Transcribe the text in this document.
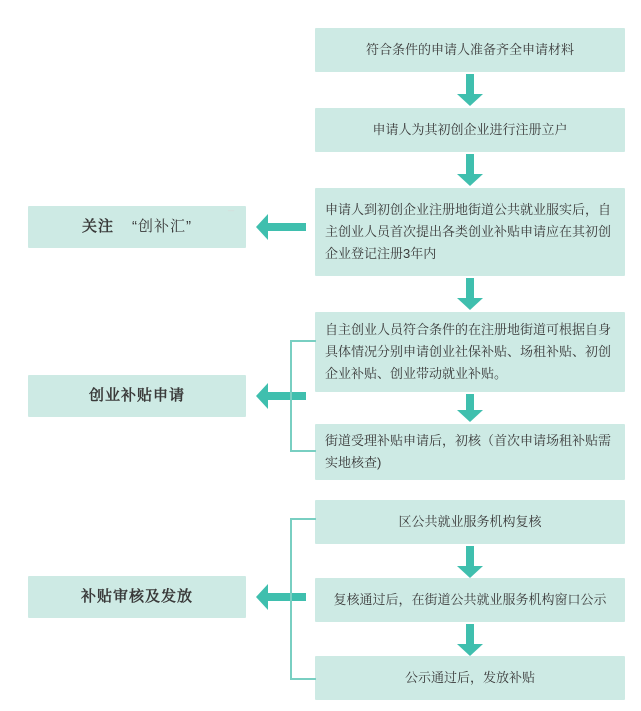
符合条件的申请人准备齐全申请材料
申请人为其初创企业进行注册立户
申请人到初创企业注册地街道公共就业服实后，自主创业人员首次提出各类创业补贴申请应在其初创企业登记注册3年内
自主创业人员符合条件的在注册地街道可根据自身具体情况分别申请创业社保补贴、场租补贴、初创企业补贴、创业带动就业补贴。
街道受理补贴申请后，初核（首次申请场租补贴需实地核查)
区公共就业服务机构复核
复核通过后，在街道公共就业服务机构窗口公示
公示通过后，发放补贴
关注 “创补汇”
创业补贴申请
补贴审核及发放
¯
